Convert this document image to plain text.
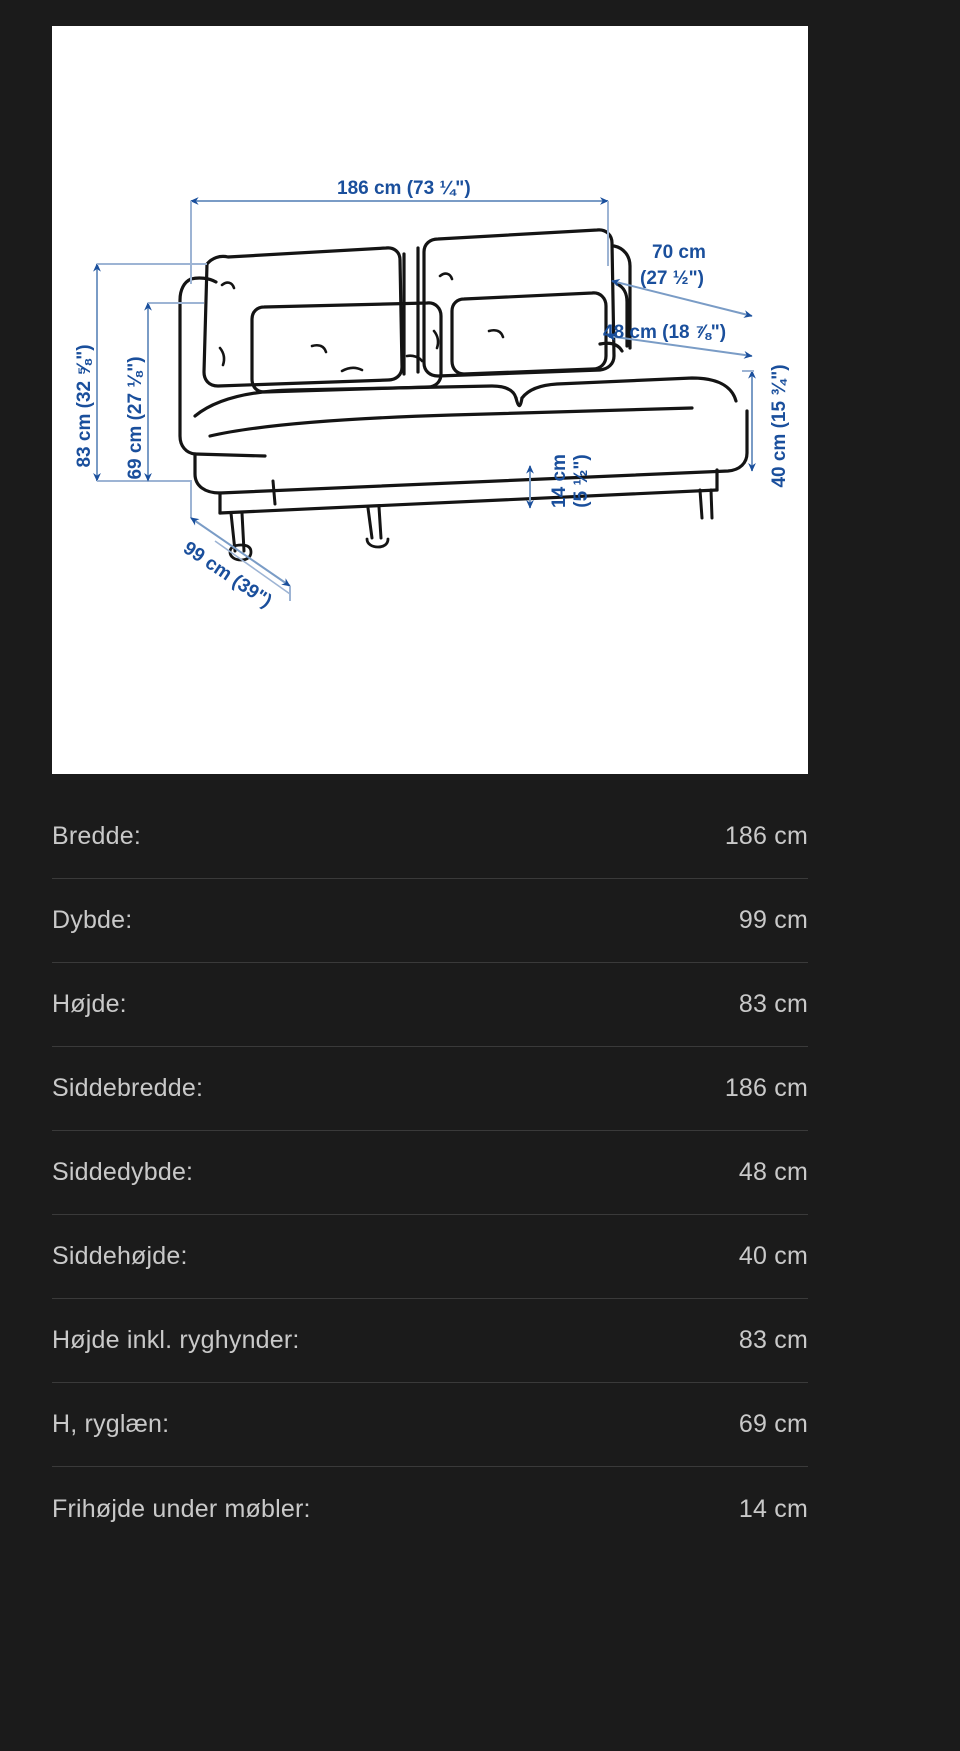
186 cm (73 ¼")
83 cm (32 ⅝") 69 cm (27 ⅛")
70 cm
(27 ½")
48 cm (18 ⅞")
40 cm (15 ¾")
99 cm (39")
14 cm (5 ½")
Bredde:	186 cm
Dybde:	99 cm
Højde:	83 cm
Siddebredde:	186 cm
Siddedybde:	48 cm
Siddehøjde:	40 cm
Højde inkl. ryghynder:	83 cm
H, ryglæn:	69 cm
Frihøjde under møbler:	14 cm
